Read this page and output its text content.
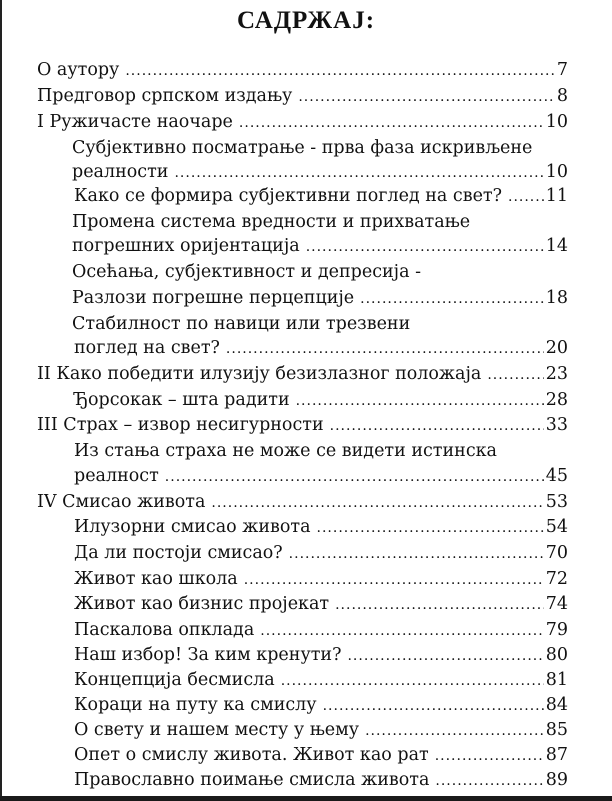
САДРЖАЈ:
О аутору .....	7
Предговор српском издању .....	8
I Ружичасте наочаре .....	10
Субјективно посматрање - прва фаза искривљене
реалности .....	10
Како се формира субјективни поглед на свет? ..... 11
Промена система вредности и прихватање
погрешних оријентација .....	14
Осећања, субјективност и депресија -
Разлози погрешне перцепције .....	18
Стабилност по навици или трезвени
поглед на свет? .....	20
II Како победити илузију безизлазног положаја .....	23
Ђорсокак – шта радити .....	28
III Страх – извор несигурности .....	33
Из стања страха не може се видети истинска
реалност .....	45
IV Смисао живота .....	53
Илузорни смисао живота .....	54
Да ли постоји смисао? .....	70
Живот као школа .....	72
Живот као бизнис пројекат .....	74
Паскалова опклада .....	79
Наш избор! За ким кренути? .....	80
Концепција бесмисла .....	81
Кораци на путу ка смислу .....	84
О свету и нашем месту у њему .....	85
Опет о смислу живота. Живот као рат .....	87
Православно поимање смисла живота .....	89
